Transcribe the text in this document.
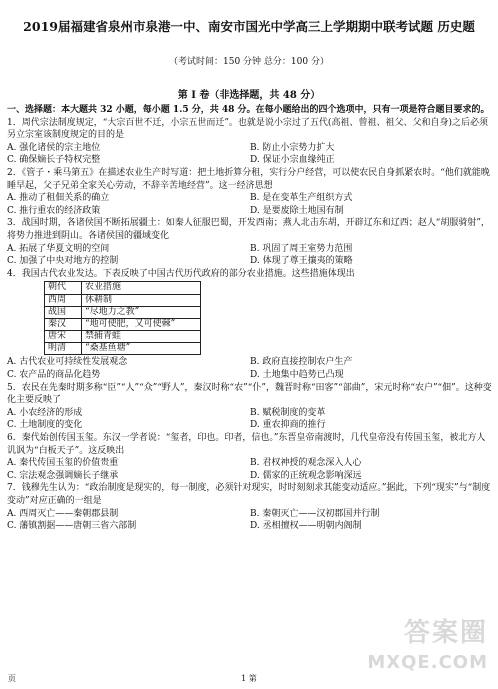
2019届福建省泉州市泉港一中、南安市国光中学高三上学期期中联考试题 历史题
（考试时间：150 分钟 总分：100 分）
第 I 卷（非选择题，共 48 分）

一、选择题：本大题共 32 小题，每小题 1.5 分，共 48 分。在每小题给出的四个选项中，只有一项是符合题目要求的。

1．周代宗法制度规定，“大宗百世不迁，小宗五世而迁”。也就是说小宗过了五代(高祖、曾祖、祖父、父和自身)之后必须另立宗室该制度规定的目的是

A. 强化诸侯的宗主地位	B. 防止小宗势力扩大
C. 确保嫡长子特权完整	D. 保证小宗血缘纯正

2．《管子・乘马第五》在描述农业生产时写道：把土地折算分租，实行分户经营，可以使农民自身抓紧农时。“他们就能晚睡早起，父子兄弟全家关心劳动，不辞辛苦地经营”。这一经济思想

A. 推动了租佃关系的确立	B. 是在变革生产组织方式
C. 推行重农的经济政策	D. 是要废除土地国有制

3．战国时期，各诸侯国不断拓展疆土：如秦人征服巴蜀，开发西南；燕人北击东胡，开辟辽东和辽西；赵人“胡服骑射”，将势力推进到阴山。各诸侯国的疆域变化

A. 拓展了华夏文明的空间	B. 巩固了周王室势力范围
C. 加强了中央对地方的控制	D. 体现了尊王攘夷的策略

4．我国古代农业发达。下表反映了中国古代历代政府的部分农业措施。这些措施体现出

朝代	农业措施
西周	休耕制
战国	“尽地力之教”
秦汉	“地可使肥，又可使棘”
唐宋	禁捕青蛙
明清	“桑基鱼塘”
A. 古代农业可持续性发展观念	B. 政府直接控制农户生产
C. 农产品的商品化趋势	D. 土地集中趋势已凸现

5．农民在先秦时期多称“臣”“人”“众”“野人”，秦汉时称“农”“仆”，魏晋时称“田客”“部曲”，宋元时称“农户”“佃”。这种变化主要反映了

A. 小农经济的形成	B. 赋税制度的变革
C. 土地制度的变化	D. 重农抑商的推行

6．秦代始创传国玉玺。东汉一学者说：“玺者，印也。印者，信也。”东晋皇帝南渡时，几代皇帝没有传国玉玺，被北方人讥讽为“白板天子”。这反映出

A. 秦代传国玉玺的价值贵重	B. 君权神授的观念深入人心
C. 宗法观念强调嫡长子继承	D. 儒家的正统观念影响深远

7．钱穆先生认为：“政治制度是现实的，每一制度，必须针对现实，时时刻刻求其能变动适应。”据此，下列“现实”与“制度变动”对应正确的一组是

A. 西周灭亡——秦朝郡县制	B. 秦朝灭亡——汉初郡国并行制
C. 藩镇割据——唐朝三省六部制	D. 丞相擅权——明朝内阁制
答案圈
MXQE.COM
页	1 第
